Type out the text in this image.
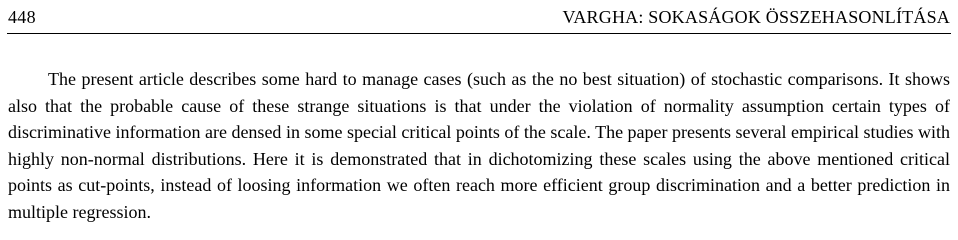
448	VARGHA: SOKASÁGOK ÖSSZEHASONLÍTÁSA

The present article describes some hard to manage cases (such as the no best situation) of stochastic comparisons. It shows also that the probable cause of these strange situations is that under the violation of normality assumption certain types of discriminative information are densed in some special critical points of the scale. The paper presents several empirical studies with highly non-normal distributions. Here it is demonstrated that in dichotomizing these scales using the above mentioned critical points as cut-points, instead of loosing information we often reach more efficient group discrimination and a better prediction in multiple regression.
